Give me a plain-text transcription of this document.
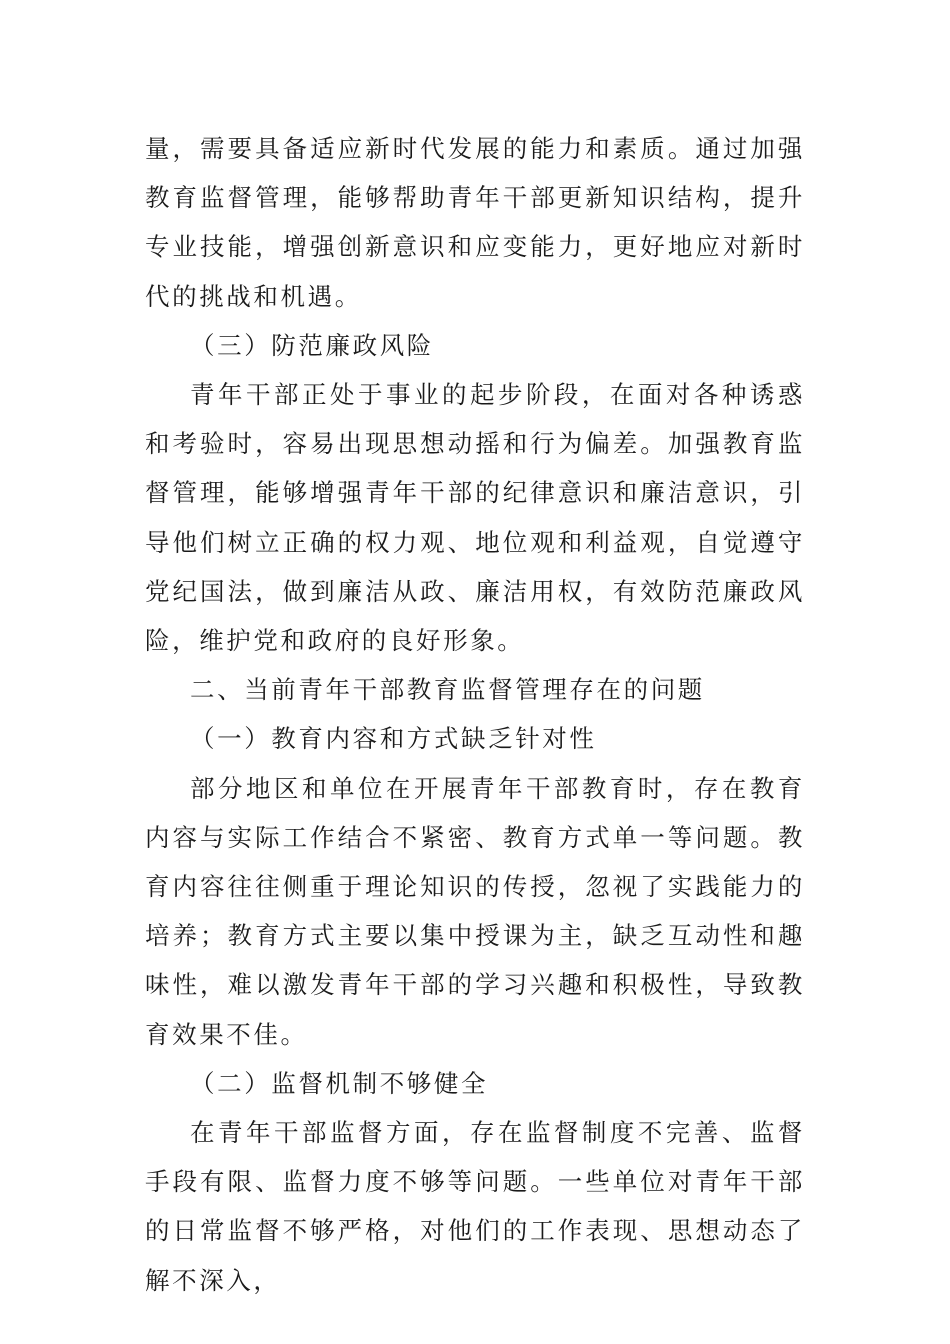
量，需要具备适应新时代发展的能力和素质。通过加强教育监督管理，能够帮助青年干部更新知识结构，提升专业技能，增强创新意识和应变能力，更好地应对新时代的挑战和机遇。

（三）防范廉政风险

青年干部正处于事业的起步阶段，在面对各种诱惑和考验时，容易出现思想动摇和行为偏差。加强教育监督管理，能够增强青年干部的纪律意识和廉洁意识，引导他们树立正确的权力观、地位观和利益观，自觉遵守党纪国法，做到廉洁从政、廉洁用权，有效防范廉政风险，维护党和政府的良好形象。

二、当前青年干部教育监督管理存在的问题

（一）教育内容和方式缺乏针对性

部分地区和单位在开展青年干部教育时，存在教育内容与实际工作结合不紧密、教育方式单一等问题。教育内容往往侧重于理论知识的传授，忽视了实践能力的培养；教育方式主要以集中授课为主，缺乏互动性和趣味性，难以激发青年干部的学习兴趣和积极性，导致教育效果不佳。

（二）监督机制不够健全

在青年干部监督方面，存在监督制度不完善、监督手段有限、监督力度不够等问题。一些单位对青年干部的日常监督不够严格，对他们的工作表现、思想动态了解不深入，
